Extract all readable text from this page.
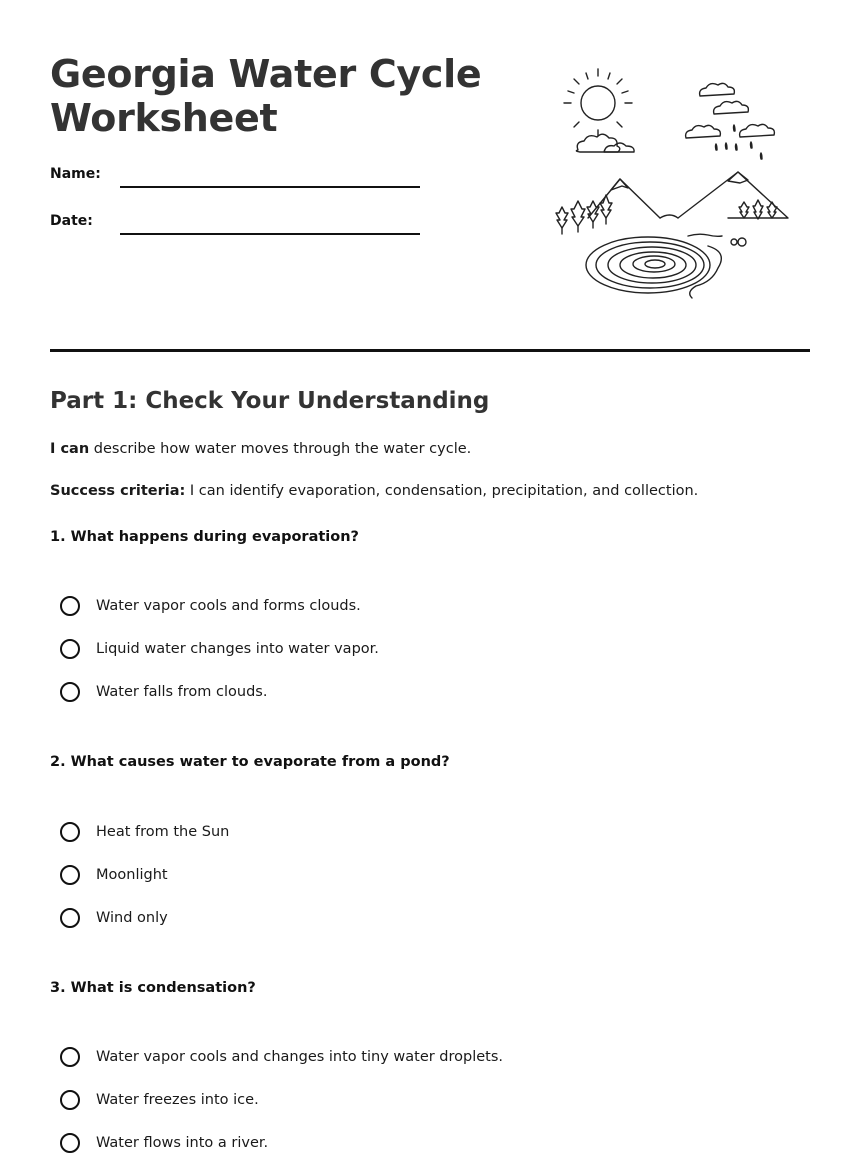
Georgia Water Cycle Worksheet
Name:
Date:
Part 1: Check Your Understanding
I can describe how water moves through the water cycle.
Success criteria: I can identify evaporation, condensation, precipitation, and collection.
1. What happens during evaporation?
Water vapor cools and forms clouds.
Liquid water changes into water vapor.
Water falls from clouds.
2. What causes water to evaporate from a pond?
Heat from the Sun
Moonlight
Wind only
3. What is condensation?
Water vapor cools and changes into tiny water droplets.
Water freezes into ice.
Water flows into a river.
